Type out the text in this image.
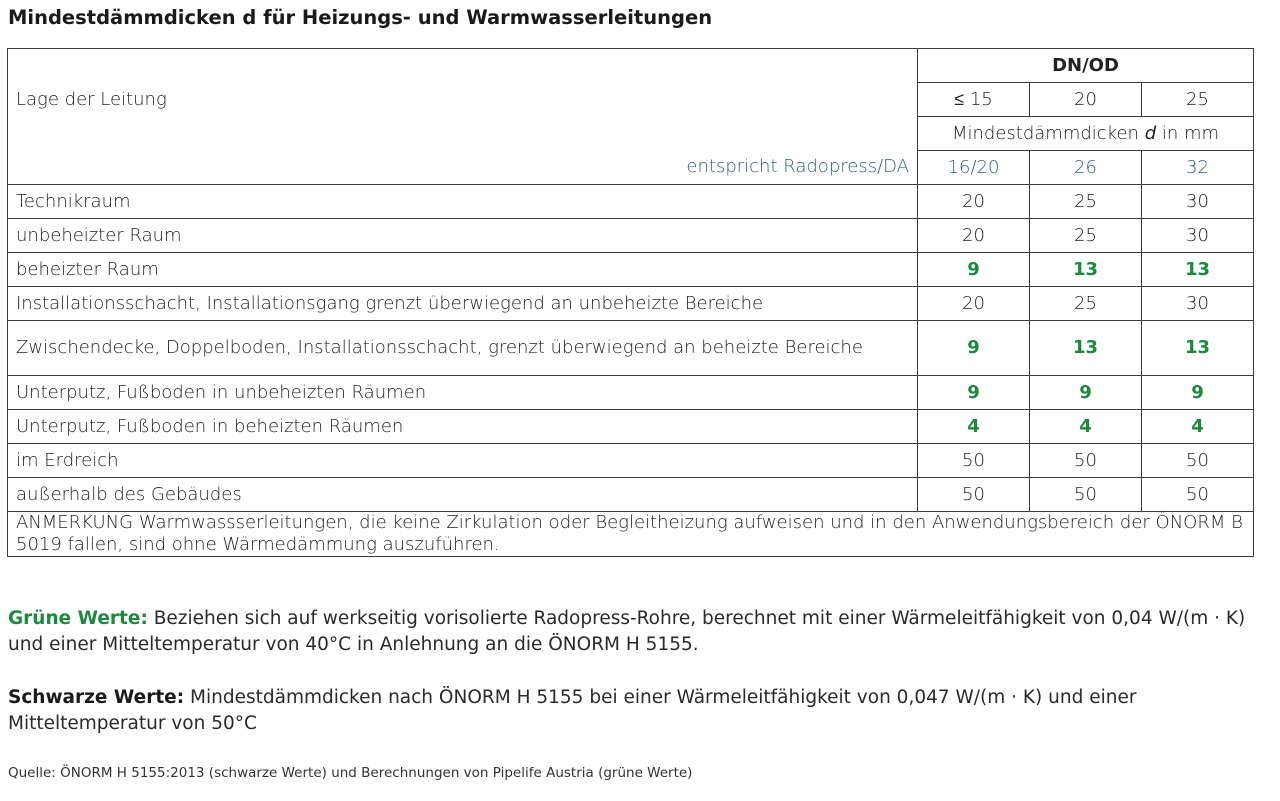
Mindestdämmdicken d für Heizungs- und Warmwasserleitungen
Lage der Leitung	DN/OD		
	≤ 15	20	25
	Mindestdämmdicken d in mm		
entspricht Radopress/DA	16/20	26	32
Technikraum	20	25	30
unbeheizter Raum	20	25	30
beheizter Raum	9	13	13
Installationsschacht, Installationsgang grenzt überwiegend an unbeheizte Bereiche	20	25	30
Zwischendecke, Doppelboden, Installationsschacht, grenzt überwiegend an beheizte Bereiche	9	13	13
Unterputz, Fußboden in unbeheizten Räumen	9	9	9
Unterputz, Fußboden in beheizten Räumen	4	4	4
im Erdreich	50	50	50
außerhalb des Gebäudes	50	50	50
ANMERKUNG Warmwassserleitungen, die keine Zirkulation oder Begleitheizung aufweisen und in den Anwendungsbereich der ÖNORM B 5019 fallen, sind ohne Wärmedämmung auszuführen.			
Grüne Werte: Beziehen sich auf werkseitig vorisolierte Radopress-Rohre, berechnet mit einer Wärmeleitfähigkeit von 0,04 W/(m · K) und einer Mitteltemperatur von 40°C in Anlehnung an die ÖNORM H 5155.
Schwarze Werte: Mindestdämmdicken nach ÖNORM H 5155 bei einer Wärmeleitfähigkeit von 0,047 W/(m · K) und einer Mitteltemperatur von 50°C
Quelle: ÖNORM H 5155:2013 (schwarze Werte) und Berechnungen von Pipelife Austria (grüne Werte)
